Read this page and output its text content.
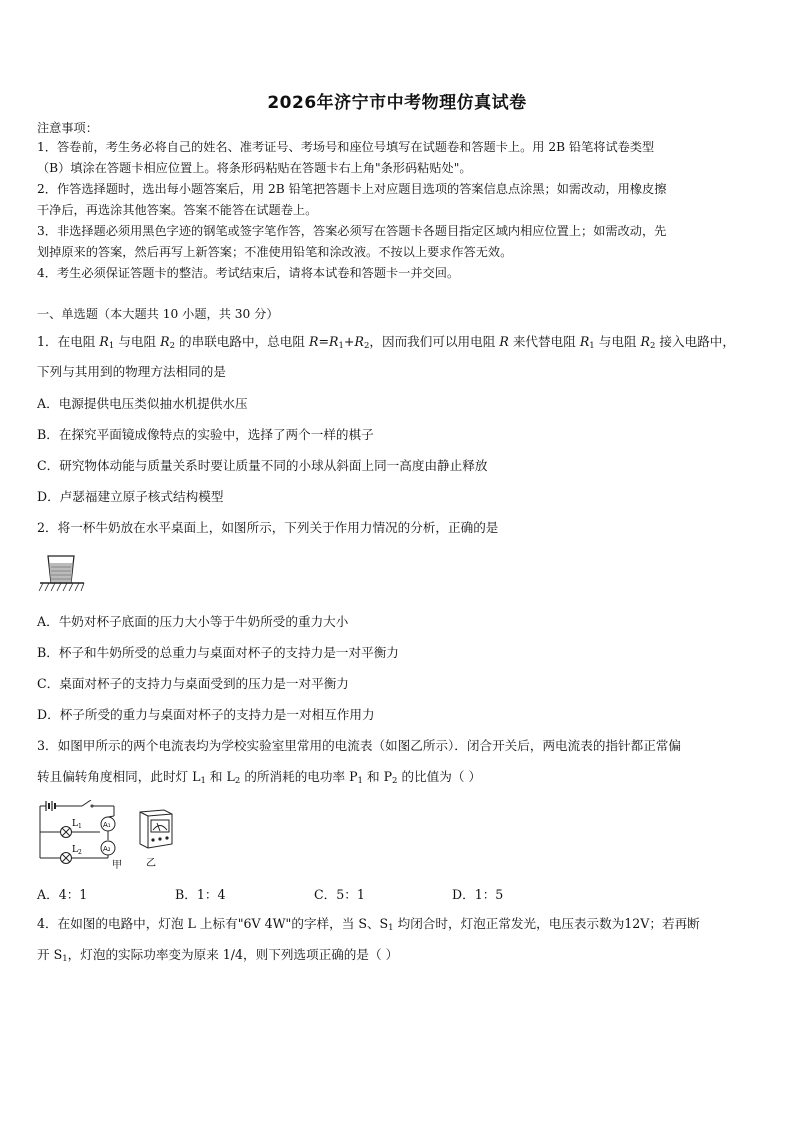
2026年济宁市中考物理仿真试卷
注意事项：
1．答卷前，考生务必将自己的姓名、准考证号、考场号和座位号填写在试题卷和答题卡上。用 2B 铅笔将试卷类型
（B）填涂在答题卡相应位置上。将条形码粘贴在答题卡右上角"条形码粘贴处"。
2．作答选择题时，选出每小题答案后，用 2B 铅笔把答题卡上对应题目选项的答案信息点涂黑；如需改动，用橡皮擦
干净后，再选涂其他答案。答案不能答在试题卷上。
3．非选择题必须用黑色字迹的钢笔或签字笔作答，答案必须写在答题卡各题目指定区域内相应位置上；如需改动，先
划掉原来的答案，然后再写上新答案；不准使用铅笔和涂改液。不按以上要求作答无效。
4．考生必须保证答题卡的整洁。考试结束后，请将本试卷和答题卡一并交回。
一、单选题（本大题共 10 小题，共 30 分）
1．在电阻 $R_1$ 与电阻 $R_2$ 的串联电路中，总电阻 $R=R_1+R_2$，因而我们可以用电阻 R 来代替电阻 $R_1$ 与电阻 $R_2$ 接入电路中，
下列与其用到的物理方法相同的是
A．电源提供电压类似抽水机提供水压
B．在探究平面镜成像特点的实验中，选择了两个一样的棋子
C．研究物体动能与质量关系时要让质量不同的小球从斜面上同一高度由静止释放
D．卢瑟福建立原子核式结构模型
2．将一杯牛奶放在水平桌面上，如图所示，下列关于作用力情况的分析，正确的是
A．牛奶对杯子底面的压力大小等于牛奶所受的重力大小
B．杯子和牛奶所受的总重力与桌面对杯子的支持力是一对平衡力
C．桌面对杯子的支持力与桌面受到的压力是一对平衡力
D．杯子所受的重力与桌面对杯子的支持力是一对相互作用力
3．如图甲所示的两个电流表均为学校实验室里常用的电流表（如图乙所示）．闭合开关后，两电流表的指针都正常偏
转且偏转角度相同，此时灯 $L_1$ 和 $L_2$ 的所消耗的电功率 $P_1$ 和 $P_2$ 的比值为（ ）
L 1
L 2
A₁
A₂
甲 乙
A．4：1	B．1：4	C．5：1	D．1：5
4．在如图的电路中，灯泡 L 上标有"6V 4W"的字样，当 S、$S_1$ 均闭合时，灯泡正常发光，电压表示数为12V；若再断
开 $S_1$，灯泡的实际功率变为原来 1/4，则下列选项正确的是（ ）
